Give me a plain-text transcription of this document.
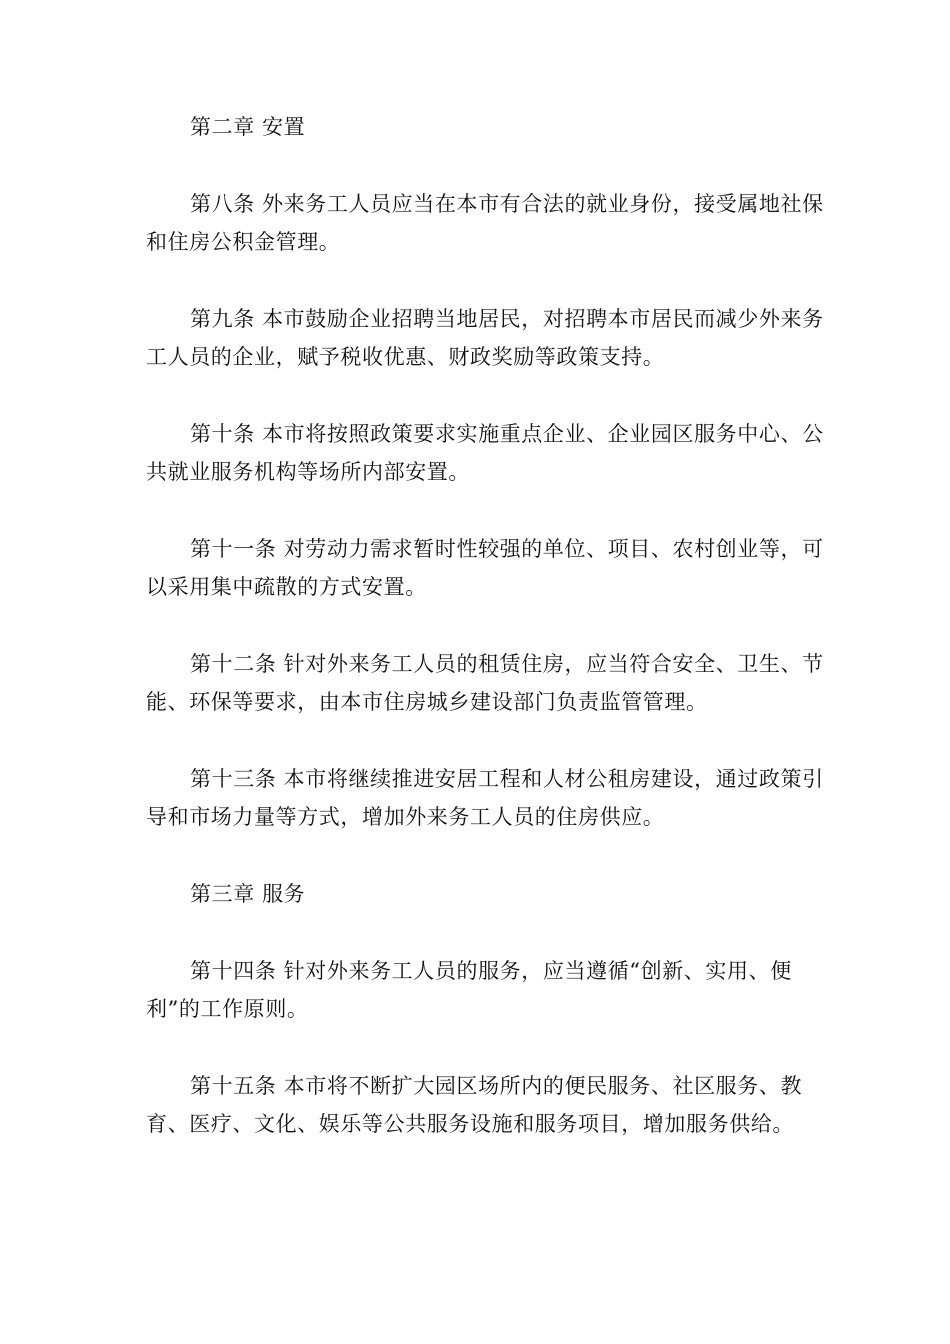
第二章 安置

第八条 外来务工人员应当在本市有合法的就业身份，接受属地社保和住房公积金管理。

第九条 本市鼓励企业招聘当地居民，对招聘本市居民而减少外来务工人员的企业，赋予税收优惠、财政奖励等政策支持。

第十条 本市将按照政策要求实施重点企业、企业园区服务中心、公共就业服务机构等场所内部安置。

第十一条 对劳动力需求暂时性较强的单位、项目、农村创业等，可以采用集中疏散的方式安置。

第十二条 针对外来务工人员的租赁住房，应当符合安全、卫生、节能、环保等要求，由本市住房城乡建设部门负责监管管理。

第十三条 本市将继续推进安居工程和人材公租房建设，通过政策引导和市场力量等方式，增加外来务工人员的住房供应。

第三章 服务

第十四条 针对外来务工人员的服务，应当遵循“创新、实用、便利”的工作原则。

第十五条 本市将不断扩大园区场所内的便民服务、社区服务、教育、医疗、文化、娱乐等公共服务设施和服务项目，增加服务供给。
